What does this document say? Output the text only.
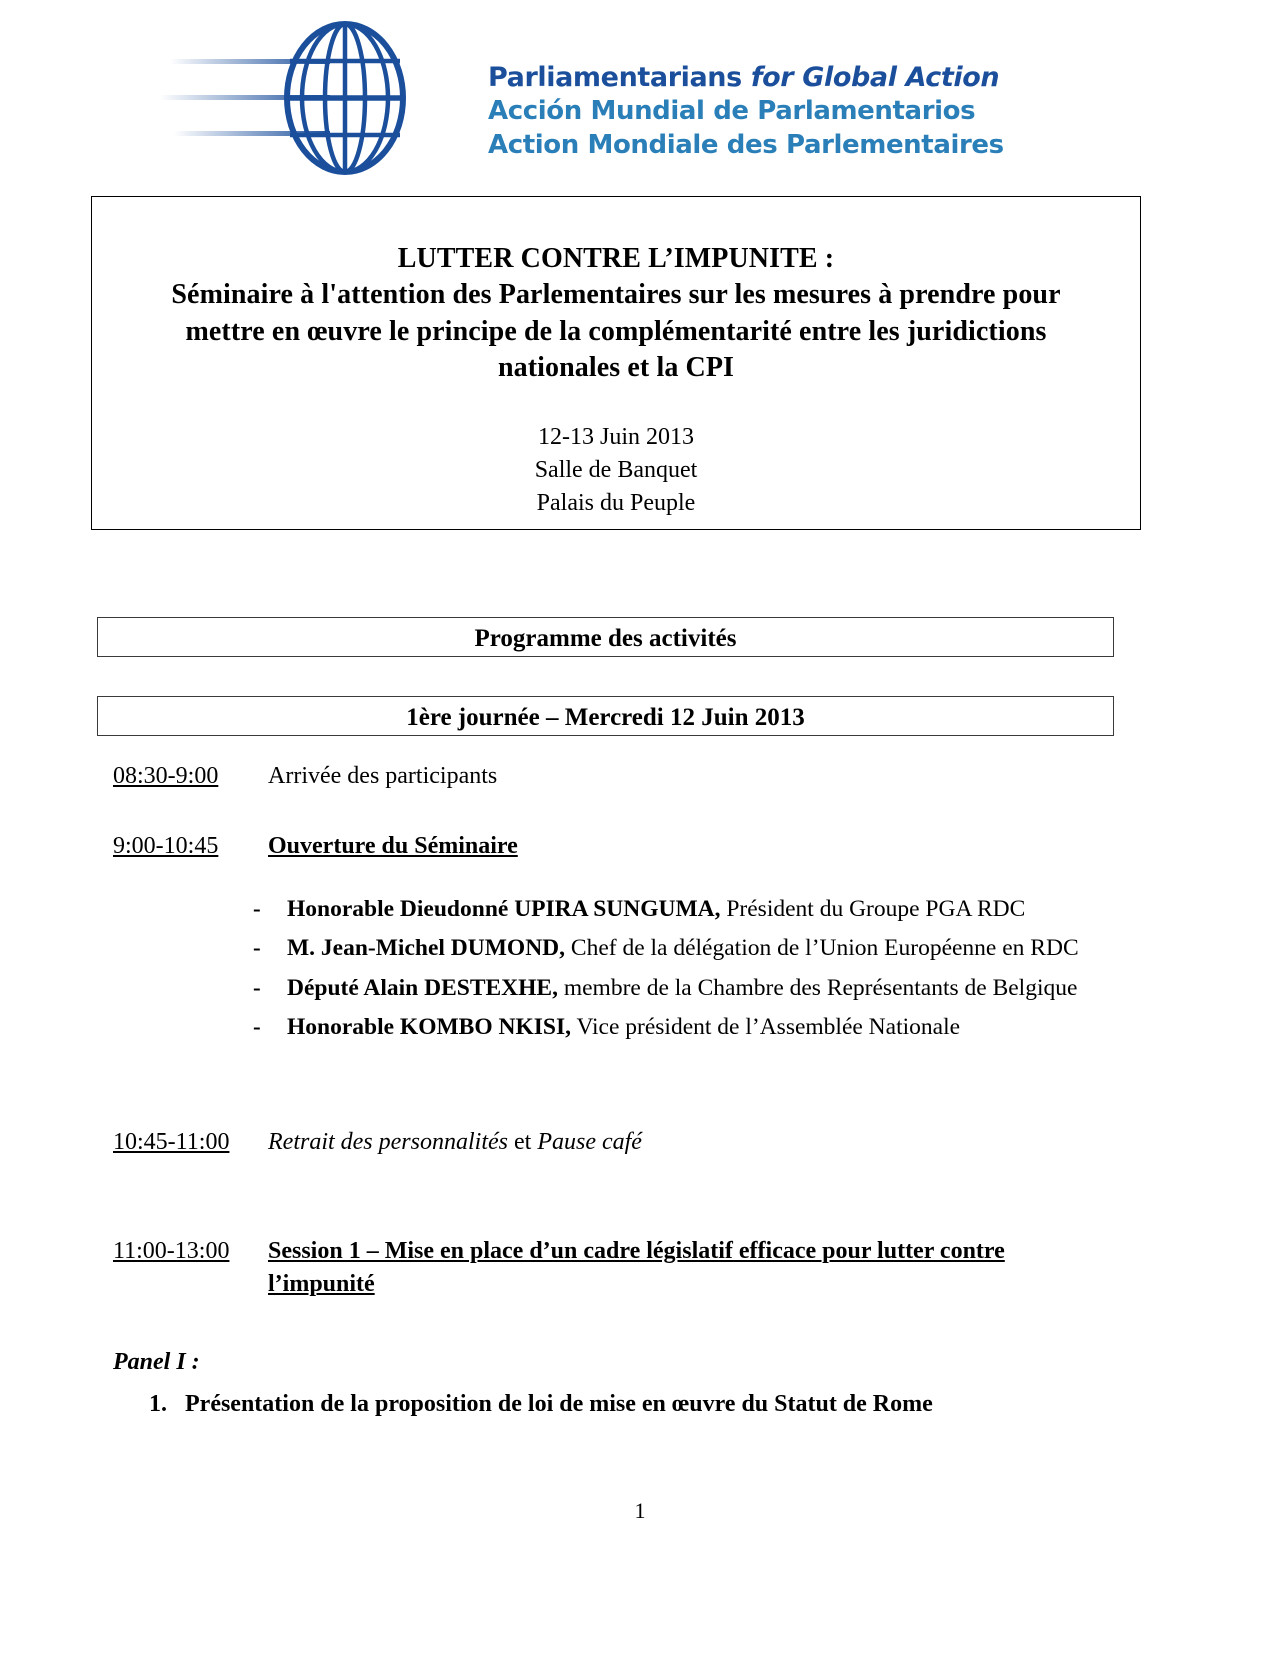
Parliamentarians for Global Action
Acción Mundial de Parlamentarios
Action Mondiale des Parlementaires
LUTTER CONTRE L’IMPUNITE :
Séminaire à l'attention des Parlementaires sur les mesures à prendre pour
mettre en œuvre le principe de la complémentarité entre les juridictions
nationales et la CPI
12-13 Juin 2013
Salle de Banquet
Palais du Peuple
Programme des activités
1ère journée – Mercredi 12 Juin 2013
08:30-9:00	Arrivée des participants
9:00-10:45	Ouverture du Séminaire
-	Honorable Dieudonné UPIRA SUNGUMA, Président du Groupe PGA RDC
-	M. Jean-Michel DUMOND, Chef de la délégation de l’Union Européenne en RDC
-	Député Alain DESTEXHE, membre de la Chambre des Représentants de Belgique
-	Honorable KOMBO NKISI, Vice président de l’Assemblée Nationale
10:45-11:00	Retrait des personnalités et Pause café
11:00-13:00	Session 1 – Mise en place d’un cadre législatif efficace pour lutter contre l’impunité
Panel I :
1. Présentation de la proposition de loi de mise en œuvre du Statut de Rome
1
